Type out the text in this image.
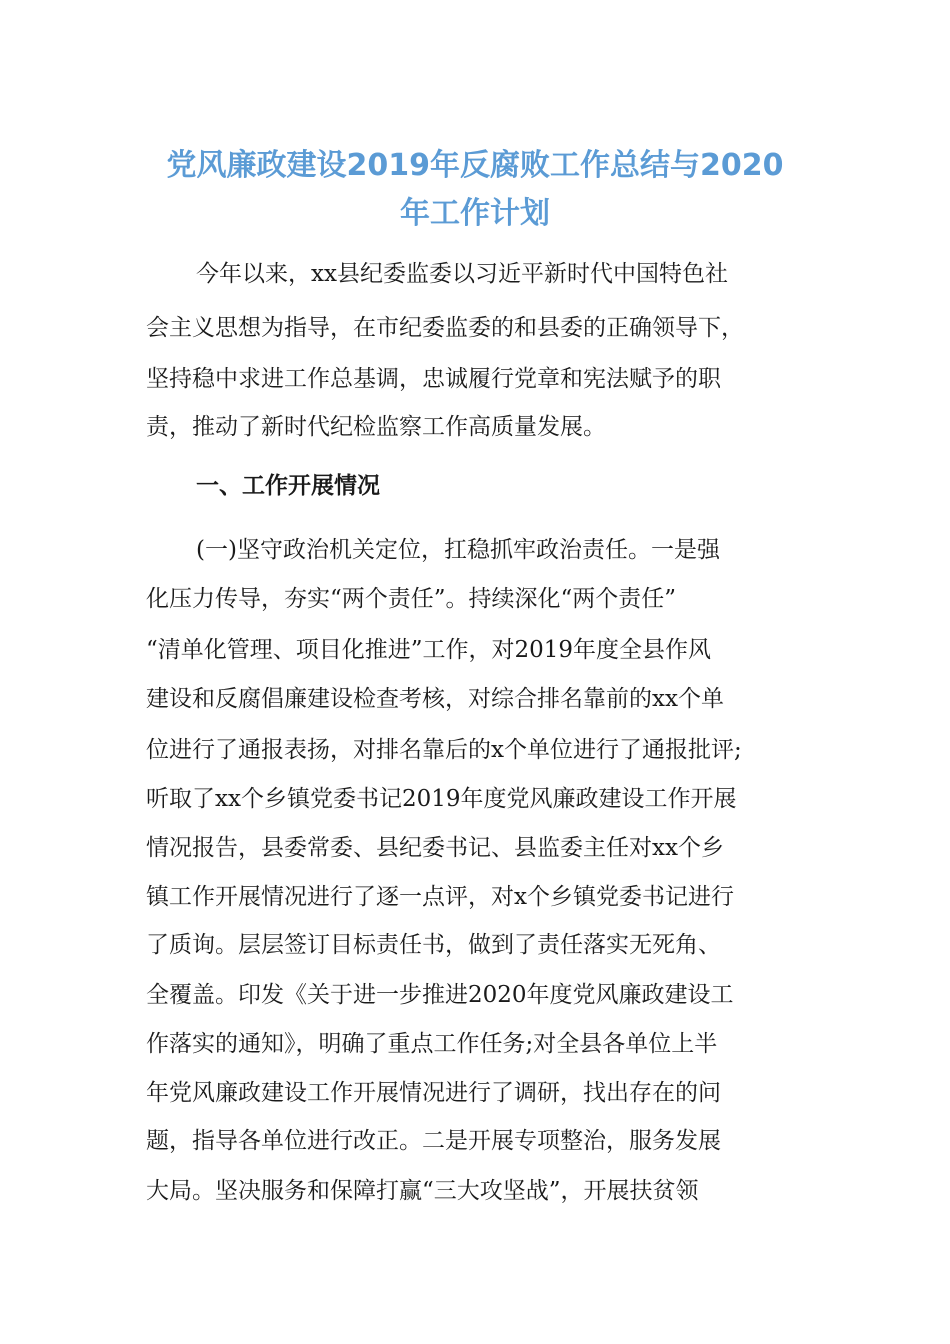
党风廉政建设2019年反腐败工作总结与2020
年工作计划
今年以来，xx县纪委监委以习近平新时代中国特色社
会主义思想为指导，在市纪委监委的和县委的正确领导下，
坚持稳中求进工作总基调，忠诚履行党章和宪法赋予的职
责，推动了新时代纪检监察工作高质量发展。
一、工作开展情况
(一)坚守政治机关定位，扛稳抓牢政治责任。一是强
化压力传导，夯实“两个责任”。持续深化“两个责任”
“清单化管理、项目化推进”工作，对2019年度全县作风
建设和反腐倡廉建设检查考核，对综合排名靠前的xx个单
位进行了通报表扬，对排名靠后的x个单位进行了通报批评;
听取了xx个乡镇党委书记2019年度党风廉政建设工作开展
情况报告，县委常委、县纪委书记、县监委主任对xx个乡
镇工作开展情况进行了逐一点评，对x个乡镇党委书记进行
了质询。层层签订目标责任书，做到了责任落实无死角、
全覆盖。印发《关于进一步推进2020年度党风廉政建设工
作落实的通知》，明确了重点工作任务;对全县各单位上半
年党风廉政建设工作开展情况进行了调研，找出存在的问
题，指导各单位进行改正。二是开展专项整治，服务发展
大局。坚决服务和保障打赢“三大攻坚战”，开展扶贫领
